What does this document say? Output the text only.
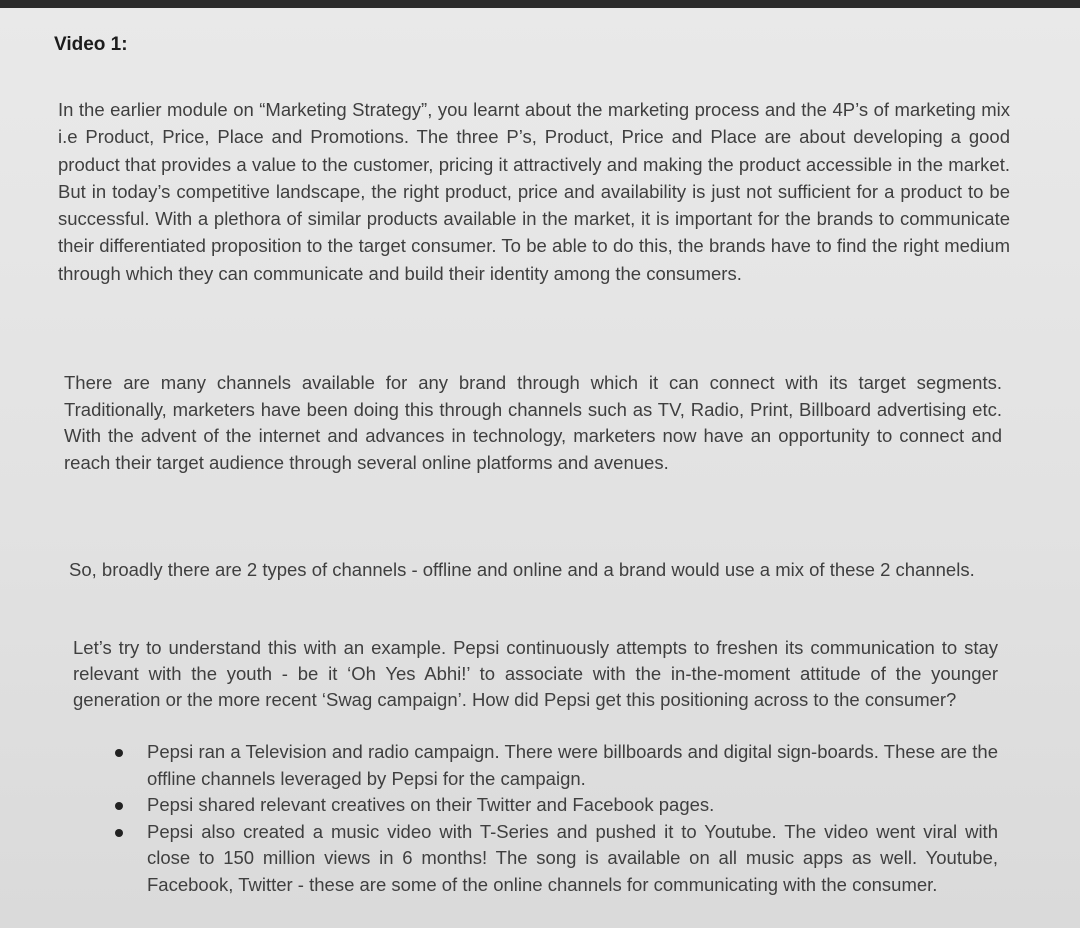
Video 1:

In the earlier module on “Marketing Strategy”, you learnt about the marketing process and the 4P’s of marketing mix i.e Product, Price, Place and Promotions. The three P’s, Product, Price and Place are about developing a good product that provides a value to the customer, pricing it attractively and making the product accessible in the market. But in today’s competitive landscape, the right product, price and availability is just not sufficient for a product to be successful. With a plethora of similar products available in the market, it is important for the brands to communicate their differentiated proposition to the target consumer. To be able to do this, the brands have to find the right medium through which they can communicate and build their identity among the consumers.

There are many channels available for any brand through which it can connect with its target segments. Traditionally, marketers have been doing this through channels such as TV, Radio, Print, Billboard advertising etc. With the advent of the internet and advances in technology, marketers now have an opportunity to connect and reach their target audience through several online platforms and avenues.

So, broadly there are 2 types of channels - offline and online and a brand would use a mix of these 2 channels.

Let’s try to understand this with an example. Pepsi continuously attempts to freshen its communication to stay relevant with the youth - be it ‘Oh Yes Abhi!’ to associate with the in-the-moment attitude of the younger generation or the more recent ‘Swag campaign’. How did Pepsi get this positioning across to the consumer?

Pepsi ran a Television and radio campaign. There were billboards and digital sign-boards. These are the offline channels leveraged by Pepsi for the campaign.
Pepsi shared relevant creatives on their Twitter and Facebook pages.
Pepsi also created a music video with T-Series and pushed it to Youtube. The video went viral with close to 150 million views in 6 months! The song is available on all music apps as well. Youtube, Facebook, Twitter - these are some of the online channels for communicating with the consumer.
